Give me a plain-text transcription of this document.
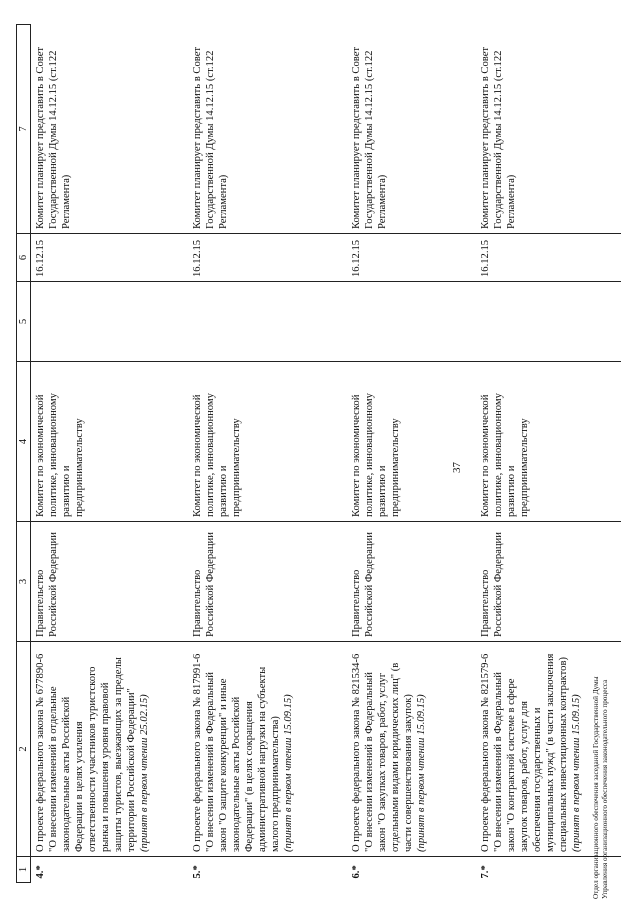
37
1	2	3	4	5	6	7
4.*	О проекте федерального закона № 677890-6 "О внесении изменений в отдельные законодательные акты Российской Федерации в целях усиления ответственности участников туристского рынка и повышения уровня правовой защиты туристов, выезжающих за пределы территории Российской Федерации" (принят в первом чтении 25.02.15)	Правительство Российской Федерации	Комитет по экономической политике, инновационному развитию и предпринимательству		16.12.15	Комитет планирует представить в Совет Государственной Думы 14.12.15 (ст.122 Регламента)
5.*	О проекте федерального закона № 817991-6 "О внесении изменений в Федеральный закон "О защите конкуренции" и иные законодательные акты Российской Федерации" (в целях сокращения административной нагрузки на субъекты малого предпринимательства) (принят в первом чтении 15.09.15)	Правительство Российской Федерации	Комитет по экономической политике, инновационному развитию и предпринимательству		16.12.15	Комитет планирует представить в Совет Государственной Думы 14.12.15 (ст.122 Регламента)
6.*	О проекте федерального закона № 821534-6 "О внесении изменений в Федеральный закон "О закупках товаров, работ, услуг отдельными видами юридических лиц" (в части совершенствования закупок) (принят в первом чтении 15.09.15)	Правительство Российской Федерации	Комитет по экономической политике, инновационному развитию и предпринимательству		16.12.15	Комитет планирует представить в Совет Государственной Думы 14.12.15 (ст.122 Регламента)
7.*	О проекте федерального закона № 821579-6 "О внесении изменений в Федеральный закон "О контрактной системе в сфере закупок товаров, работ, услуг для обеспечения государственных и муниципальных нужд" (в части заключения специальных инвестиционных контрактов) (принят в первом чтении 15.09.15)	Правительство Российской Федерации	Комитет по экономической политике, инновационному развитию и предпринимательству		16.12.15	Комитет планирует представить в Совет Государственной Думы 14.12.15 (ст.122 Регламента)
Отдел организационного обеспечения заседаний Государственной Думы Управления организационного обеспечения законодательного процесса
